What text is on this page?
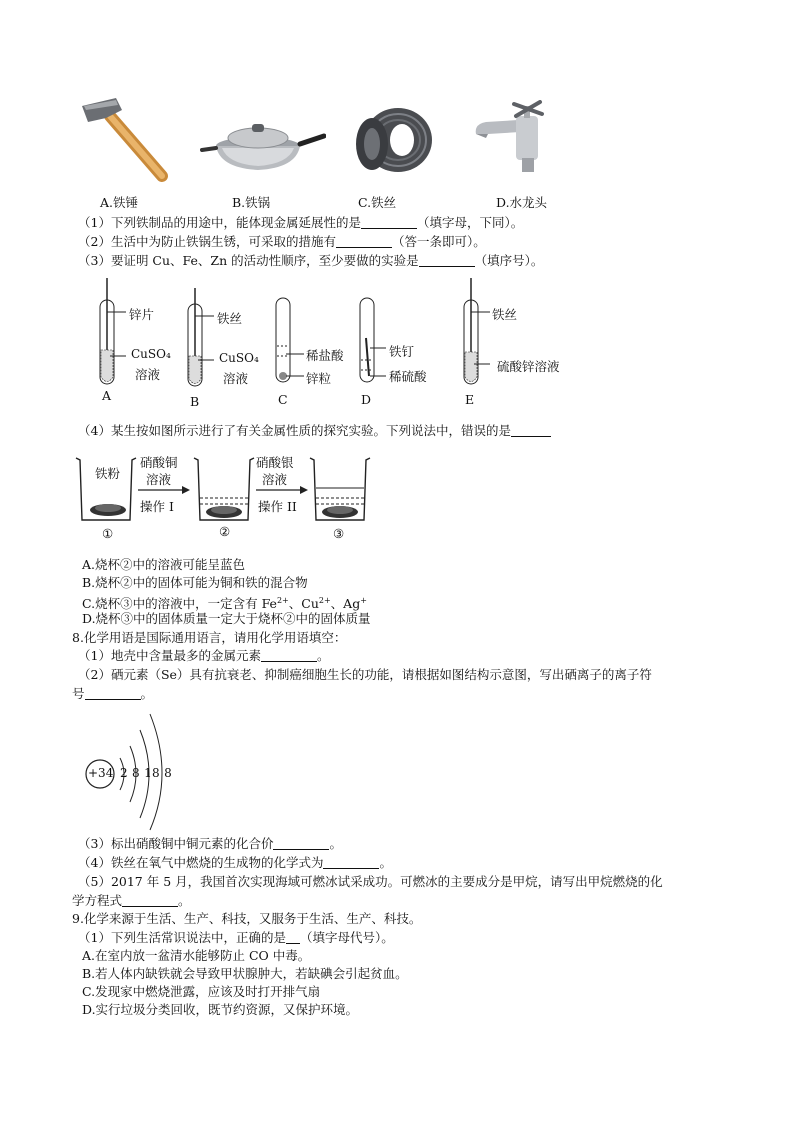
A.铁锤	B.铁锅	C.铁丝	D.水龙头
（1）下列铁制品的用途中，能体现金属延展性的是	（填字母，下同）。
（2）生活中为防止铁锅生锈，可采取的措施有	（答一条即可）。
（3）要证明 Cu、Fe、Zn 的活动性顺序，至少要做的实验是	（填序号）。
锌片
CuSO₄
溶液
A
铁丝
CuSO₄
溶液
B
稀盐酸
锌粒
C
铁钉
稀硫酸
D
铁丝
硫酸锌溶液
E
（4）某生按如图所示进行了有关金属性质的探究实验。下列说法中，错误的是
铁粉
硝酸铜
溶液
操作 I
硝酸银
溶液
操作 II
①	②	③
A.烧杯②中的溶液可能呈蓝色
B.烧杯②中的固体可能为铜和铁的混合物
C.烧杯③中的溶液中，一定含有 $Fe^{2+}$、$Cu^{2+}$、Ag+
D.烧杯③中的固体质量一定大于烧杯②中的固体质量
8.化学用语是国际通用语言，请用化学用语填空：
（1）地壳中含量最多的金属元素	。
（2）硒元素（Se）具有抗衰老、抑制癌细胞生长的功能，请根据如图结构示意图，写出硒离子的离子符
号	。
+34 2 8 18 8
（3）标出硝酸铜中铜元素的化合价	。
（4）铁丝在氧气中燃烧的生成物的化学式为	。
（5）2017 年 5 月，我国首次实现海域可燃冰试采成功。可燃冰的主要成分是甲烷，请写出甲烷燃烧的化
学方程式	。
9.化学来源于生活、生产、科技，又服务于生活、生产、科技。
（1）下列生活常识说法中，正确的是 （填字母代号）。
A.在室内放一盆清水能够防止 CO 中毒。
B.若人体内缺铁就会导致甲状腺肿大，若缺碘会引起贫血。
C.发现家中燃烧泄露，应该及时打开排气扇
D.实行垃圾分类回收，既节约资源，又保护环境。
